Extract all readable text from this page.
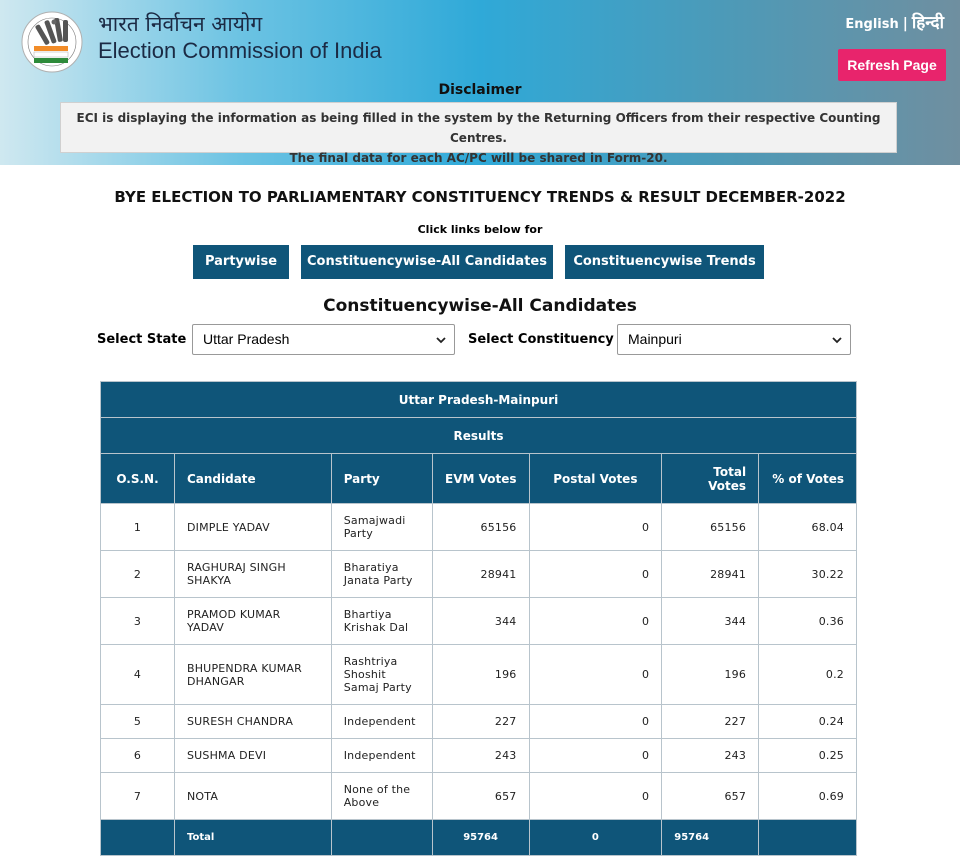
भारत निर्वाचन आयोग
Election Commission of India
English | हिन्दी
Refresh Page
Disclaimer
ECI is displaying the information as being filled in the system by the Returning Officers from their respective Counting Centres.
The final data for each AC/PC will be shared in Form-20.
BYE ELECTION TO PARLIAMENTARY CONSTITUENCY TRENDS & RESULT DECEMBER-2022
Click links below for
Partywise	Constituencywise-All Candidates	Constituencywise Trends
Constituencywise-All Candidates
Select State	Uttar Pradesh	Select Constituency	Mainpuri
Uttar Pradesh-Mainpuri						
Results						
O.S.N.	Candidate	Party	EVM Votes	Postal Votes	Total Votes	% of Votes
1	DIMPLE YADAV	Samajwadi Party	65156	0	65156	68.04
2	RAGHURAJ SINGH SHAKYA	Bharatiya Janata Party	28941	0	28941	30.22
3	PRAMOD KUMAR YADAV	Bhartiya Krishak Dal	344	0	344	0.36
4	BHUPENDRA KUMAR DHANGAR	Rashtriya Shoshit Samaj Party	196	0	196	0.2
5	SURESH CHANDRA	Independent	227	0	227	0.24
6	SUSHMA DEVI	Independent	243	0	243	0.25
7	NOTA	None of the Above	657	0	657	0.69
	Total		95764	0	95764	
